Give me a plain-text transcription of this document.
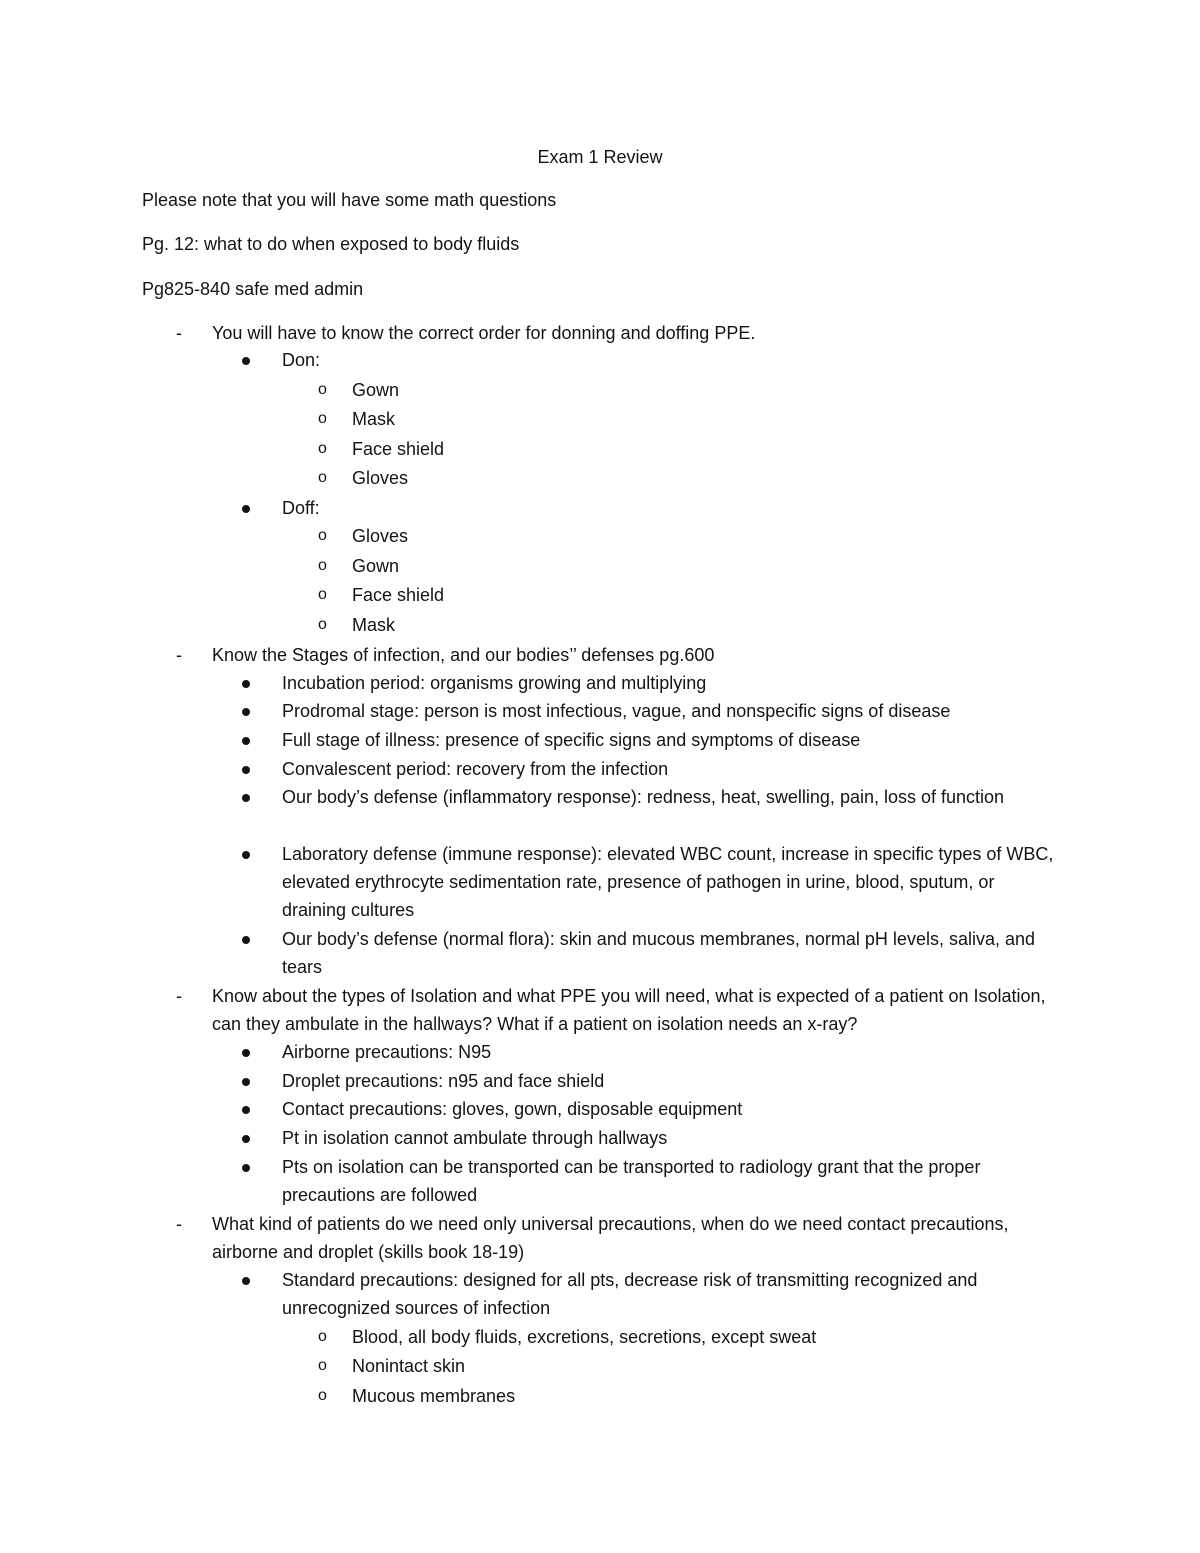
Exam 1 Review
Please note that you will have some math questions
Pg. 12: what to do when exposed to body fluids
Pg825-840 safe med admin
- You will have to know the correct order for donning and doffing PPE.
Don:
o Gown
o Mask
o Face shield
o Gloves
Doff:
o Gloves
o Gown
o Face shield
o Mask
- Know the Stages of infection, and our bodies’’ defenses pg.600
Incubation period: organisms growing and multiplying
Prodromal stage: person is most infectious, vague, and nonspecific signs of disease
Full stage of illness: presence of specific signs and symptoms of disease
Convalescent period: recovery from the infection
Our body’s defense (inflammatory response): redness, heat, swelling, pain, loss of function
Laboratory defense (immune response): elevated WBC count, increase in specific types of WBC, elevated erythrocyte sedimentation rate, presence of pathogen in urine, blood, sputum, or draining cultures
Our body’s defense (normal flora): skin and mucous membranes, normal pH levels, saliva, and tears
- Know about the types of Isolation and what PPE you will need, what is expected of a patient on Isolation, can they ambulate in the hallways? What if a patient on isolation needs an x-ray?
Airborne precautions: N95
Droplet precautions: n95 and face shield
Contact precautions: gloves, gown, disposable equipment
Pt in isolation cannot ambulate through hallways
Pts on isolation can be transported can be transported to radiology grant that the proper precautions are followed
- What kind of patients do we need only universal precautions, when do we need contact precautions, airborne and droplet (skills book 18-19)
Standard precautions: designed for all pts, decrease risk of transmitting recognized and unrecognized sources of infection
o Blood, all body fluids, excretions, secretions, except sweat
o Nonintact skin
o Mucous membranes
